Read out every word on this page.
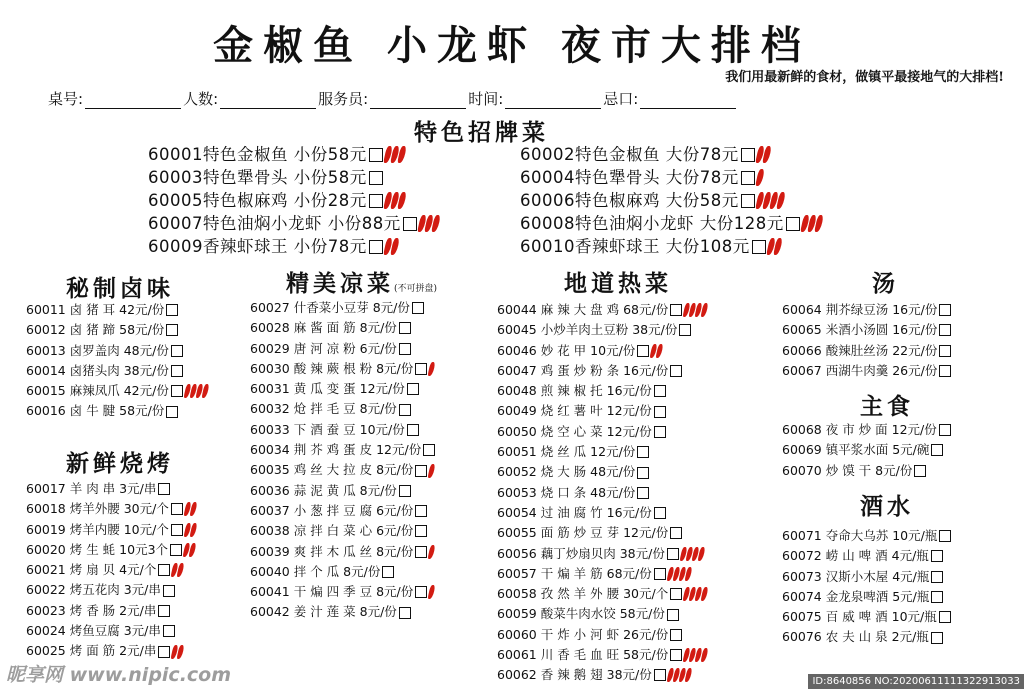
金椒鱼 小龙虾 夜市大排档
我们用最新鲜的食材，做镇平最接地气的大排档!
桌号:	人数:	服务员:	时间:	忌口:
特色招牌菜
60001特色金椒鱼 小份58元
60003特色犟骨头 小份58元
60005特色椒麻鸡 小份28元
60007特色油焖小龙虾 小份88元
60009香辣虾球王 小份78元
60002特色金椒鱼 大份78元
60004特色犟骨头 大份78元
60006特色椒麻鸡 大份58元
60008特色油焖小龙虾 大份128元
60010香辣虾球王 大份108元
秘制卤味
60011 卤 猪 耳 42元/份
60012 卤 猪 蹄 58元/份
60013 卤罗盖肉 48元/份
60014 卤猪头肉 38元/份
60015 麻辣凤爪 42元/份
60016 卤 牛 腱 58元/份
新鲜烧烤
60017 羊 肉 串 3元/串
60018 烤羊外腰 30元/个
60019 烤羊内腰 10元/个
60020 烤 生 蚝 10元3个
60021 烤 扇 贝 4元/个
60022 烤五花肉 3元/串
60023 烤 香 肠 2元/串
60024 烤鱼豆腐 3元/串
60025 烤 面 筋 2元/串
精美凉菜(不可拼盘)
60027 什香菜小豆芽 8元/份
60028 麻 酱 面 筋 8元/份
60029 唐 河 凉 粉 6元/份
60030 酸 辣 蕨 根 粉 8元/份
60031 黄 瓜 变 蛋 12元/份
60032 炝 拌 毛 豆 8元/份
60033 下 酒 蚕 豆 10元/份
60034 荆 芥 鸡 蛋 皮 12元/份
60035 鸡 丝 大 拉 皮 8元/份
60036 蒜 泥 黄 瓜 8元/份
60037 小 葱 拌 豆 腐 6元/份
60038 凉 拌 白 菜 心 6元/份
60039 爽 拌 木 瓜 丝 8元/份
60040 拌 个 瓜 8元/份
60041 干 煸 四 季 豆 8元/份
60042 姜 汁 莲 菜 8元/份
地道热菜
60044 麻 辣 大 盘 鸡 68元/份
60045 小炒羊肉土豆粉 38元/份
60046 妙 花 甲 10元/份
60047 鸡 蛋 炒 粉 条 16元/份
60048 煎 辣 椒 托 16元/份
60049 烧 红 薯 叶 12元/份
60050 烧 空 心 菜 12元/份
60051 烧 丝 瓜 12元/份
60052 烧 大 肠 48元/份
60053 烧 口 条 48元/份
60054 过 油 腐 竹 16元/份
60055 面 筋 炒 豆 芽 12元/份
60056 藕丁炒扇贝肉 38元/份
60057 干 煸 羊 筋 68元/份
60058 孜 然 羊 外 腰 30元/个
60059 酸菜牛肉水饺 58元/份
60060 干 炸 小 河 虾 26元/份
60061 川 香 毛 血 旺 58元/份
60062 香 辣 鹅 翅 38元/份
汤
60064 荆芥绿豆汤 16元/份
60065 米酒小汤圆 16元/份
60066 酸辣肚丝汤 22元/份
60067 西湖牛肉羹 26元/份
主食
60068 夜 市 炒 面 12元/份
60069 镇平浆水面 5元/碗
60070 炒 馍 干 8元/份
酒水
60071 夺命大乌苏 10元/瓶
60072 崂 山 啤 酒 4元/瓶
60073 汉斯小木屋 4元/瓶
60074 金龙泉啤酒 5元/瓶
60075 百 威 啤 酒 10元/瓶
60076 农 夫 山 泉 2元/瓶
昵享网 www.nipic.com	ID:8640856 NO:20200611111322913033
